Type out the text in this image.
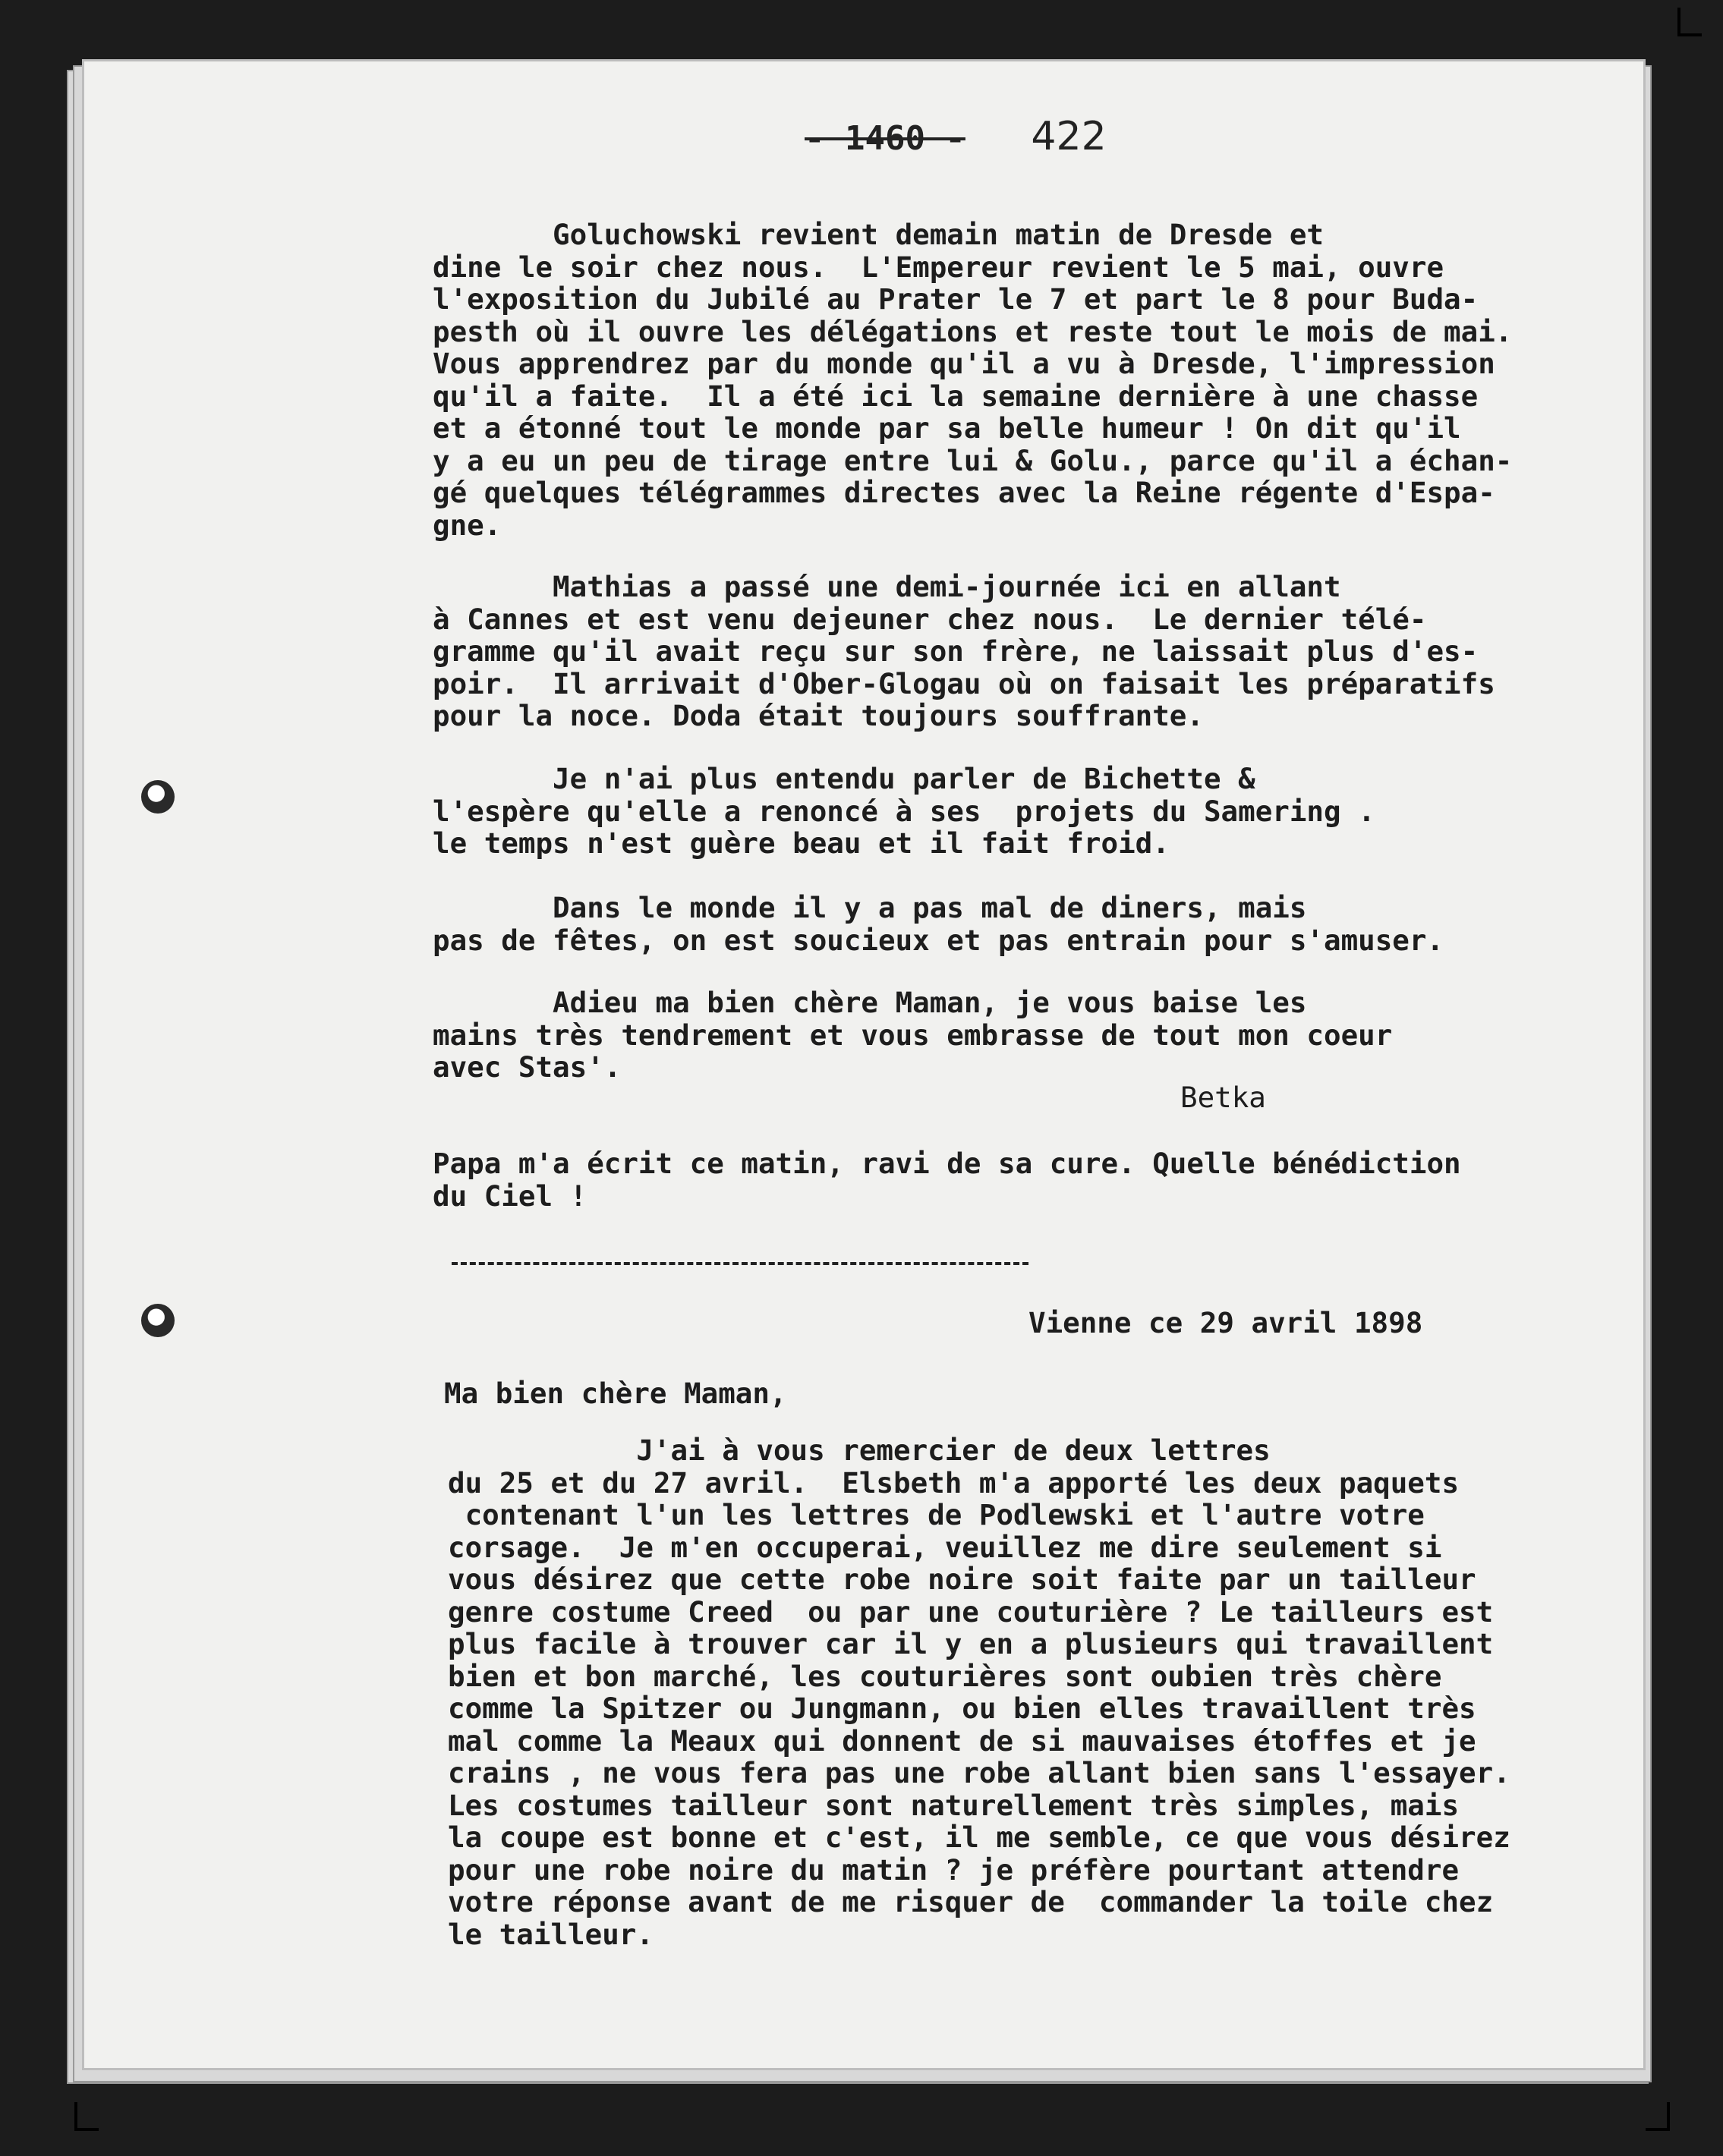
- 1460 - 422
Goluchowski revient demain matin de Dresde et
dine le soir chez nous.  L'Empereur revient le 5 mai, ouvre
l'exposition du Jubilé au Prater le 7 et part le 8 pour Buda-
pesth où il ouvre les délégations et reste tout le mois de mai.
Vous apprendrez par du monde qu'il a vu à Dresde, l'impression
qu'il a faite.  Il a été ici la semaine dernière à une chasse
et a étonné tout le monde par sa belle humeur ! On dit qu'il
y a eu un peu de tirage entre lui & Golu., parce qu'il a échan-
gé quelques télégrammes directes avec la Reine régente d'Espa-
gne.
Mathias a passé une demi-journée ici en allant
à Cannes et est venu dejeuner chez nous.  Le dernier télé-
gramme qu'il avait reçu sur son frère, ne laissait plus d'es-
poir.  Il arrivait d'Ober-Glogau où on faisait les préparatifs
pour la noce. Doda était toujours souffrante.
Je n'ai plus entendu parler de Bichette &
l'espère qu'elle a renoncé à ses  projets du Samering .
le temps n'est guère beau et il fait froid.
Dans le monde il y a pas mal de diners, mais
pas de fêtes, on est soucieux et pas entrain pour s'amuser.
Adieu ma bien chère Maman, je vous baise les
mains très tendrement et vous embrasse de tout mon coeur
avec Stas'.
Betka
Papa m'a écrit ce matin, ravi de sa cure. Quelle bénédiction
du Ciel !
Vienne ce 29 avril 1898
Ma bien chère Maman,
J'ai à vous remercier de deux lettres
du 25 et du 27 avril.  Elsbeth m'a apporté les deux paquets
contenant l'un les lettres de Podlewski et l'autre votre
corsage.  Je m'en occuperai, veuillez me dire seulement si
vous désirez que cette robe noire soit faite par un tailleur
genre costume Creed  ou par une couturière ? Le tailleurs est
plus facile à trouver car il y en a plusieurs qui travaillent
bien et bon marché, les couturières sont oubien très chère
comme la Spitzer ou Jungmann, ou bien elles travaillent très
mal comme la Meaux qui donnent de si mauvaises étoffes et je
crains , ne vous fera pas une robe allant bien sans l'essayer.
Les costumes tailleur sont naturellement très simples, mais
la coupe est bonne et c'est, il me semble, ce que vous désirez
pour une robe noire du matin ? je préfère pourtant attendre
votre réponse avant de me risquer de  commander la toile chez
le tailleur.
